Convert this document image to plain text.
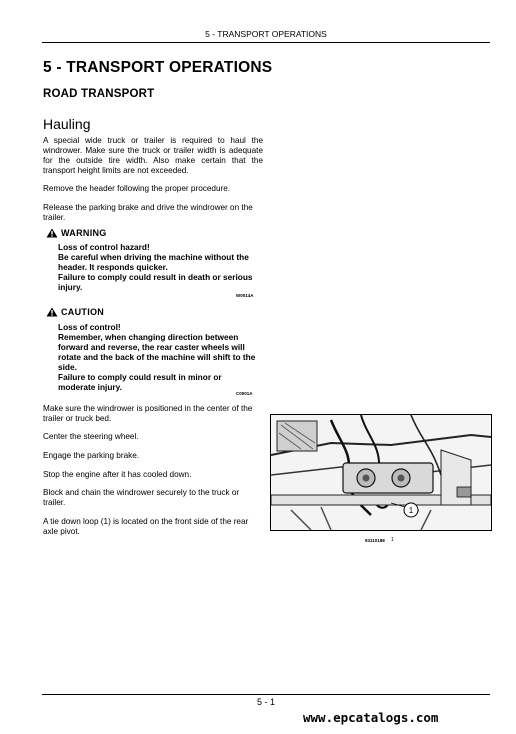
5 - TRANSPORT OPERATIONS
5 - TRANSPORT OPERATIONS
ROAD TRANSPORT
Hauling
A special wide truck or trailer is required to haul the windrower. Make sure the truck or trailer width is adequate for the outside tire width. Also make certain that the transport height limits are not exceeded.
Remove the header following the proper procedure.
Release the parking brake and drive the windrower on the trailer.
WARNING
Loss of control hazard!
Be careful when driving the machine without the header. It responds quicker.
Failure to comply could result in death or serious injury.
W0014A
CAUTION
Loss of control!
Remember, when changing direction between forward and reverse, the rear caster wheels will rotate and the back of the machine will shift to the side.
Failure to comply could result in minor or moderate injury.
C0001A
Make sure the windrower is positioned in the center of the trailer or truck bed.
Center the steering wheel.
Engage the parking brake.
Stop the engine after it has cooled down.
Block and chain the windrower securely to the truck or trailer.
A tie down loop (1) is located on the front side of the rear axle pivot.
1
93110188 1
5 - 1
www.epcatalogs.com
